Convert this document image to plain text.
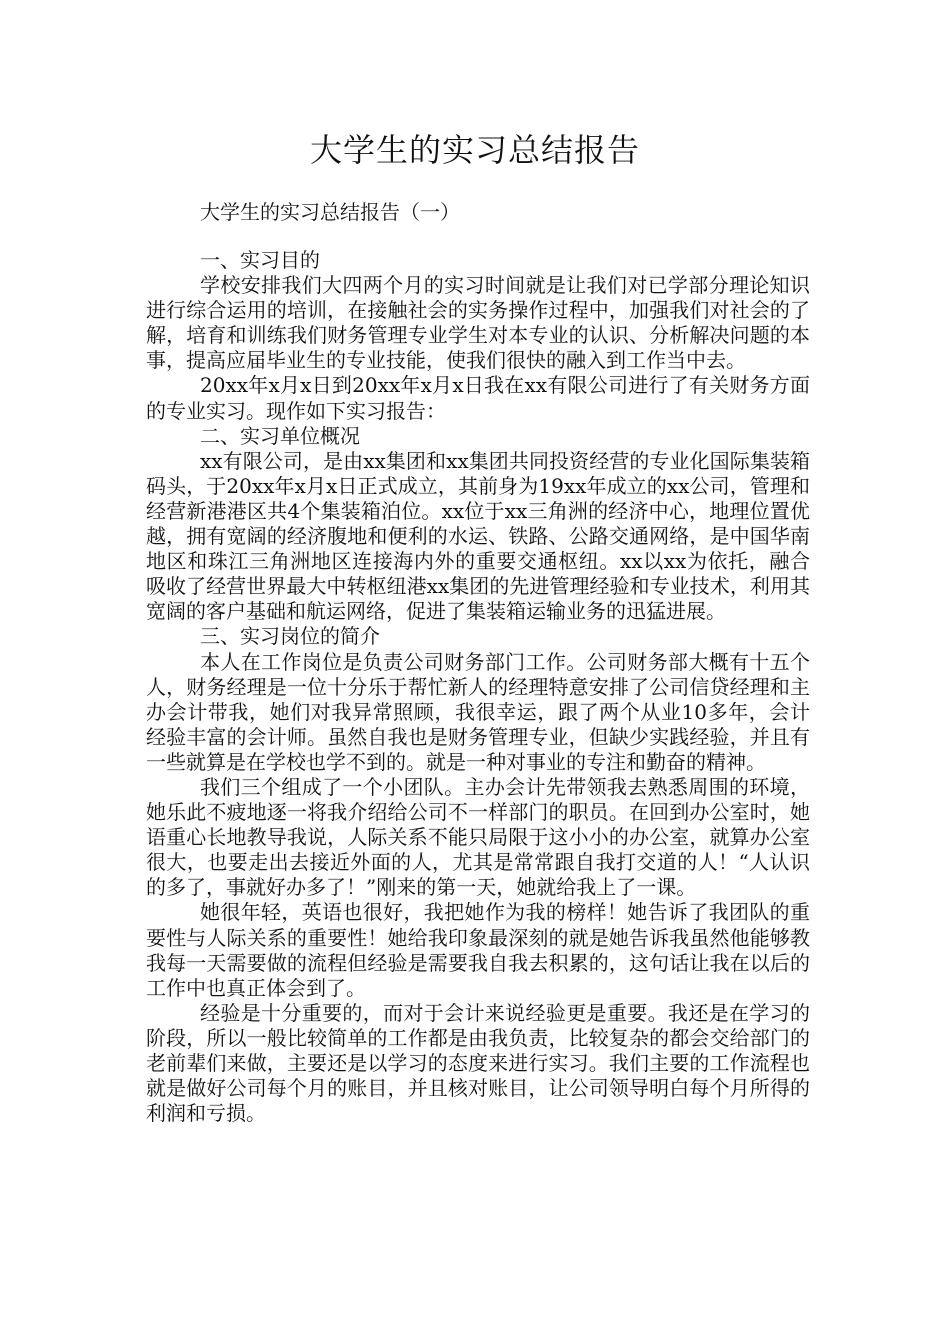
大学生的实习总结报告
大学生的实习总结报告（一）

一、实习目的

学校安排我们大四两个月的实习时间就是让我们对已学部分理论知识进行综合运用的培训，在接触社会的实务操作过程中，加强我们对社会的了解，培育和训练我们财务管理专业学生对本专业的认识、分析解决问题的本事，提高应届毕业生的专业技能，使我们很快的融入到工作当中去。

20xx年x月x日到20xx年x月x日我在xx有限公司进行了有关财务方面的专业实习。现作如下实习报告：

二、实习单位概况

xx有限公司，是由xx集团和xx集团共同投资经营的专业化国际集装箱码头，于20xx年x月x日正式成立，其前身为19xx年成立的xx公司，管理和经营新港港区共4个集装箱泊位。xx位于xx三角洲的经济中心，地理位置优越，拥有宽阔的经济腹地和便利的水运、铁路、公路交通网络，是中国华南地区和珠江三角洲地区连接海内外的重要交通枢纽。xx以xx为依托，融合吸收了经营世界最大中转枢纽港xx集团的先进管理经验和专业技术，利用其宽阔的客户基础和航运网络，促进了集装箱运输业务的迅猛进展。

三、实习岗位的简介

本人在工作岗位是负责公司财务部门工作。公司财务部大概有十五个人，财务经理是一位十分乐于帮忙新人的经理特意安排了公司信贷经理和主办会计带我，她们对我异常照顾，我很幸运，跟了两个从业10多年，会计经验丰富的会计师。虽然自我也是财务管理专业，但缺少实践经验，并且有一些就算是在学校也学不到的。就是一种对事业的专注和勤奋的精神。

我们三个组成了一个小团队。主办会计先带领我去熟悉周围的环境，她乐此不疲地逐一将我介绍给公司不一样部门的职员。在回到办公室时，她语重心长地教导我说，人际关系不能只局限于这小小的办公室，就算办公室很大，也要走出去接近外面的人，尤其是常常跟自我打交道的人！“人认识的多了，事就好办多了！”刚来的第一天，她就给我上了一课。

她很年轻，英语也很好，我把她作为我的榜样！她告诉了我团队的重要性与人际关系的重要性！她给我印象最深刻的就是她告诉我虽然他能够教我每一天需要做的流程但经验是需要我自我去积累的，这句话让我在以后的工作中也真正体会到了。

经验是十分重要的，而对于会计来说经验更是重要。我还是在学习的阶段，所以一般比较简单的工作都是由我负责，比较复杂的都会交给部门的老前辈们来做，主要还是以学习的态度来进行实习。我们主要的工作流程也就是做好公司每个月的账目，并且核对账目，让公司领导明白每个月所得的利润和亏损。
